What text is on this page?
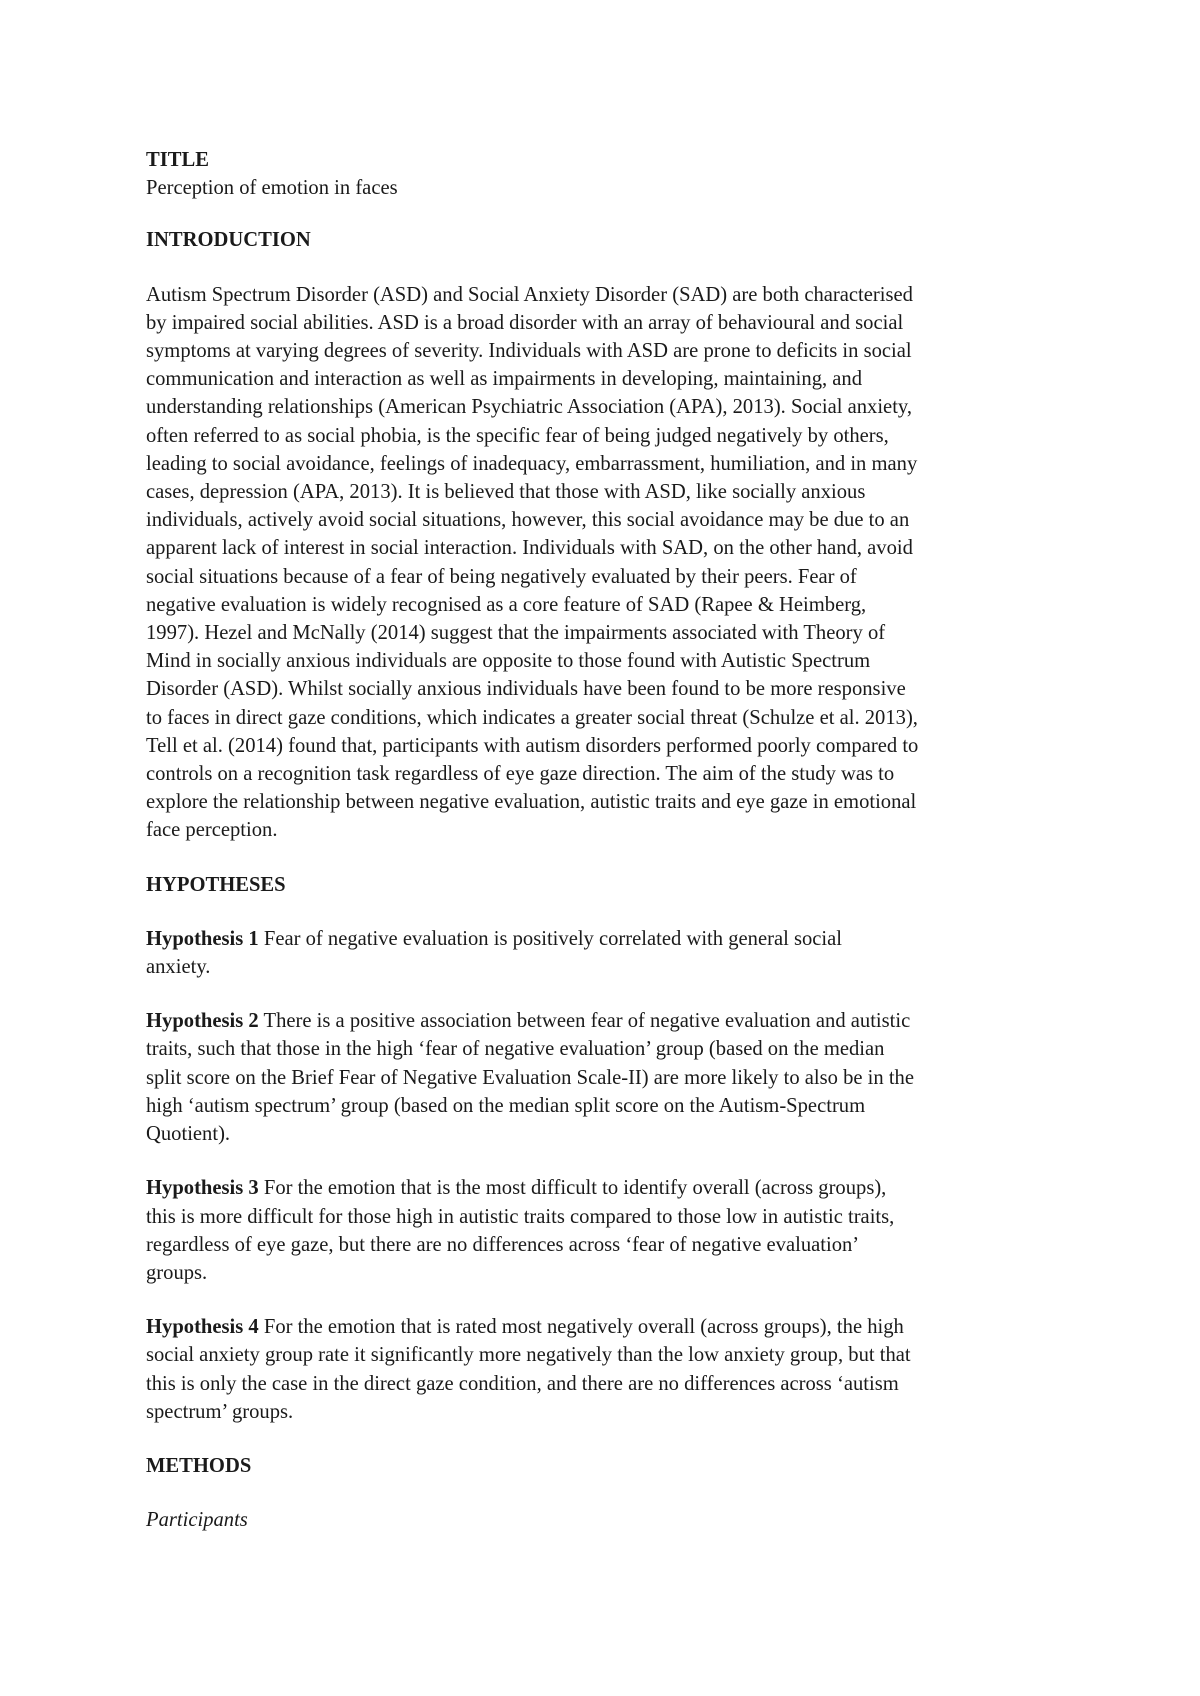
TITLE

Perception of emotion in faces

INTRODUCTION

Autism Spectrum Disorder (ASD) and Social Anxiety Disorder (SAD) are both characterised
by impaired social abilities. ASD is a broad disorder with an array of behavioural and social
symptoms at varying degrees of severity. Individuals with ASD are prone to deficits in social
communication and interaction as well as impairments in developing, maintaining, and
understanding relationships (American Psychiatric Association (APA), 2013). Social anxiety,
often referred to as social phobia, is the specific fear of being judged negatively by others,
leading to social avoidance, feelings of inadequacy, embarrassment, humiliation, and in many
cases, depression (APA, 2013). It is believed that those with ASD, like socially anxious
individuals, actively avoid social situations, however, this social avoidance may be due to an
apparent lack of interest in social interaction. Individuals with SAD, on the other hand, avoid
social situations because of a fear of being negatively evaluated by their peers. Fear of
negative evaluation is widely recognised as a core feature of SAD (Rapee & Heimberg,
1997). Hezel and McNally (2014) suggest that the impairments associated with Theory of
Mind in socially anxious individuals are opposite to those found with Autistic Spectrum
Disorder (ASD). Whilst socially anxious individuals have been found to be more responsive
to faces in direct gaze conditions, which indicates a greater social threat (Schulze et al. 2013),
Tell et al. (2014) found that, participants with autism disorders performed poorly compared to
controls on a recognition task regardless of eye gaze direction. The aim of the study was to
explore the relationship between negative evaluation, autistic traits and eye gaze in emotional
face perception.

HYPOTHESES

Hypothesis 1 Fear of negative evaluation is positively correlated with general social
anxiety.
Hypothesis 2 There is a positive association between fear of negative evaluation and autistic
traits, such that those in the high ‘fear of negative evaluation’ group (based on the median
split score on the Brief Fear of Negative Evaluation Scale-II) are more likely to also be in the
high ‘autism spectrum’ group (based on the median split score on the Autism-Spectrum
Quotient).
Hypothesis 3 For the emotion that is the most difficult to identify overall (across groups),
this is more difficult for those high in autistic traits compared to those low in autistic traits,
regardless of eye gaze, but there are no differences across ‘fear of negative evaluation’
groups.
Hypothesis 4 For the emotion that is rated most negatively overall (across groups), the high
social anxiety group rate it significantly more negatively than the low anxiety group, but that
this is only the case in the direct gaze condition, and there are no differences across ‘autism
spectrum’ groups.

METHODS

Participants
